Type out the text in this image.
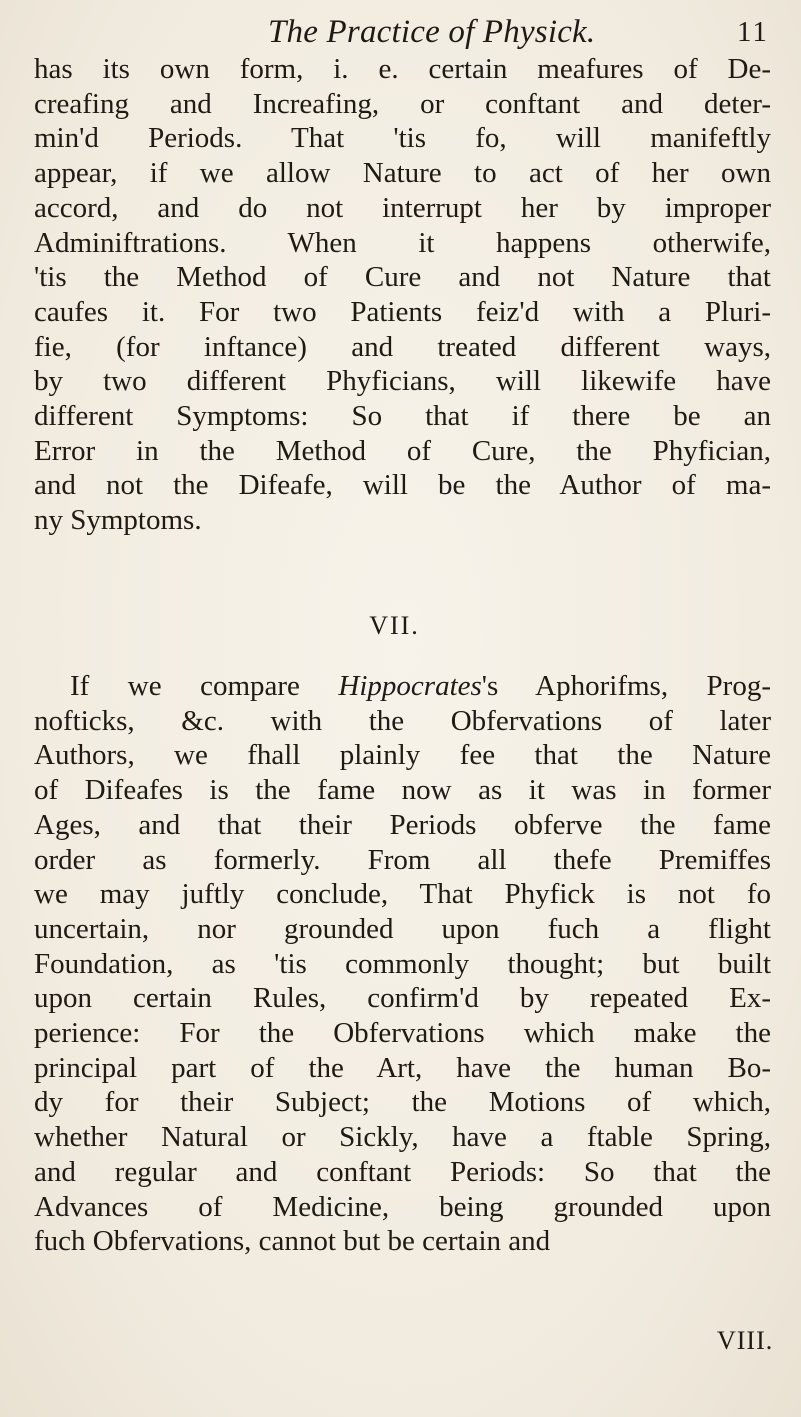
The Practice of Physick.	11
has its own form, i. e. certain meafures of De-
creafing and Increafing, or conftant and deter-
min'd Periods. That 'tis fo, will manifeftly
appear, if we allow Nature to act of her own
accord, and do not interrupt her by improper
Adminiftrations. When it happens otherwife,
'tis the Method of Cure and not Nature that
caufes it. For two Patients feiz'd with a Pluri-
fie, (for inftance) and treated different ways,
by two different Phyficians, will likewife have
different Symptoms: So that if there be an
Error in the Method of Cure, the Phyfician,
and not the Difeafe, will be the Author of ma-
ny Symptoms.
VII.
If we compare Hippocrates's Aphorifms, Prog-
nofticks, &c. with the Obfervations of later
Authors, we fhall plainly fee that the Nature
of Difeafes is the fame now as it was in former
Ages, and that their Periods obferve the fame
order as formerly. From all thefe Premiffes
we may juftly conclude, That Phyfick is not fo
uncertain, nor grounded upon fuch a flight
Foundation, as 'tis commonly thought; but built
upon certain Rules, confirm'd by repeated Ex-
perience: For the Obfervations which make the
principal part of the Art, have the human Bo-
dy for their Subject; the Motions of which,
whether Natural or Sickly, have a ftable Spring,
and regular and conftant Periods: So that the
Advances of Medicine, being grounded upon
fuch Obfervations, cannot but be certain and
VIII.
